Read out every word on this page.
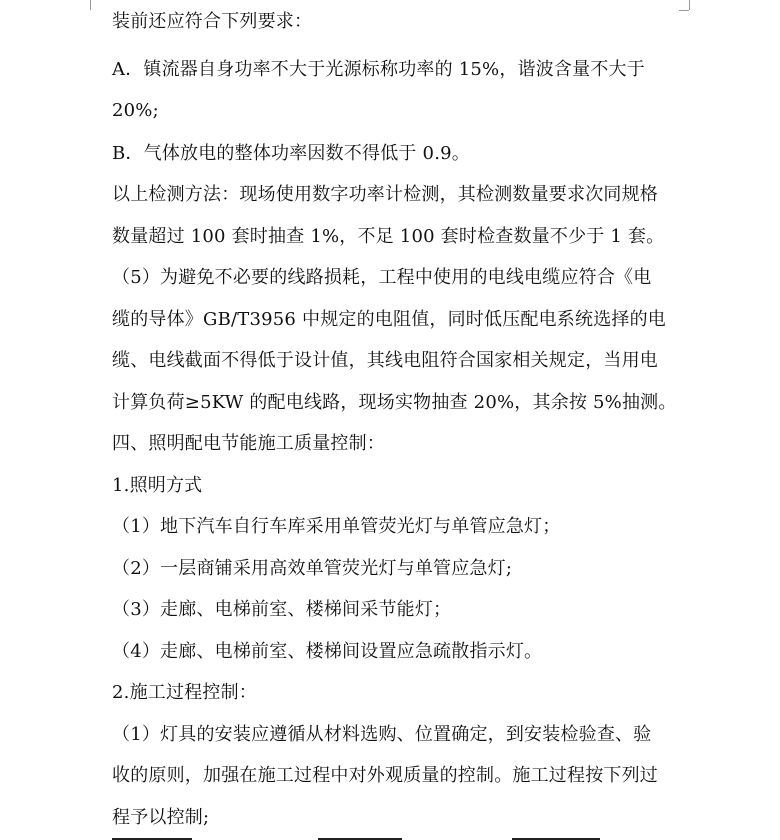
装前还应符合下列要求：
A．镇流器自身功率不大于光源标称功率的 15%，谐波含量不大于
20%;
B．气体放电的整体功率因数不得低于 0.9。
以上检测方法：现场使用数字功率计检测，其检测数量要求次同规格
数量超过 100 套时抽查 1%，不足 100 套时检查数量不少于 1 套。
（5）为避免不必要的线路损耗，工程中使用的电线电缆应符合《电
缆的导体》GB/T3956 中规定的电阻值，同时低压配电系统选择的电
缆、电线截面不得低于设计值，其线电阻符合国家相关规定，当用电
计算负荷≥5KW 的配电线路，现场实物抽查 20%，其余按 5%抽测。
四、照明配电节能施工质量控制：
1.照明方式
（1）地下汽车自行车库采用单管荧光灯与单管应急灯；
（2）一层商铺采用高效单管荧光灯与单管应急灯;
（3）走廊、电梯前室、楼梯间采节能灯；
（4）走廊、电梯前室、楼梯间设置应急疏散指示灯。
2.施工过程控制：
（1）灯具的安装应遵循从材料选购、位置确定，到安装检验查、验
收的原则，加强在施工过程中对外观质量的控制。施工过程按下列过
程予以控制;
